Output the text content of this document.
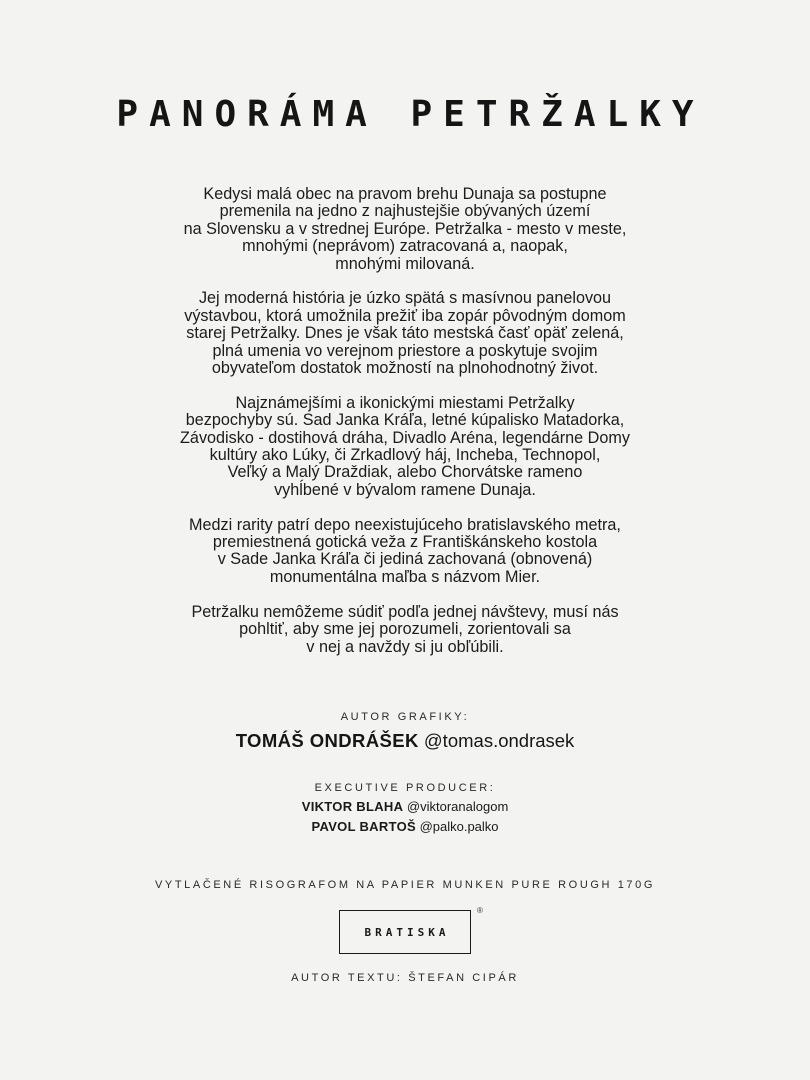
PANORÁMA PETRŽALKY

Kedysi malá obec na pravom brehu Dunaja sa postupne
premenila na jedno z najhustejšie obývaných území
na Slovensku a v strednej Európe. Petržalka - mesto v meste,
mnohými (neprávom) zatracovaná a, naopak,
mnohými milovaná.

Jej moderná história je úzko spätá s masívnou panelovou
výstavbou, ktorá umožnila prežiť iba zopár pôvodným domom
starej Petržalky. Dnes je však táto mestská časť opäť zelená,
plná umenia vo verejnom priestore a poskytuje svojim
obyvateľom dostatok možností na plnohodnotný život.

Najznámejšími a ikonickými miestami Petržalky
bezpochyby sú. Sad Janka Kráľa, letné kúpalisko Matadorka,
Závodisko - dostihová dráha, Divadlo Aréna, legendárne Domy
kultúry ako Lúky, či Zrkadlový háj, Incheba, Technopol,
Veľký a Malý Draždiak, alebo Chorvátske rameno
vyhĺbené v bývalom ramene Dunaja.

Medzi rarity patrí depo neexistujúceho bratislavského metra,
premiestnená gotická veža z Františkánskeho kostola
v Sade Janka Kráľa či jediná zachovaná (obnovená)
monumentálna maľba s názvom Mier.

Petržalku nemôžeme súdiť podľa jednej návštevy, musí nás
pohltiť, aby sme jej porozumeli, zorientovali sa
v nej a navždy si ju obľúbili.

AUTOR GRAFIKY:
TOMÁŠ ONDRÁŠEK @tomas.ondrasek
EXECUTIVE PRODUCER:
VIKTOR BLAHA @viktoranalogom
PAVOL BARTOŠ @palko.palko
VYTLAČENÉ RISOGRAFOM NA PAPIER MUNKEN PURE ROUGH 170G
BRATISKA
®
AUTOR TEXTU: ŠTEFAN CIPÁR
